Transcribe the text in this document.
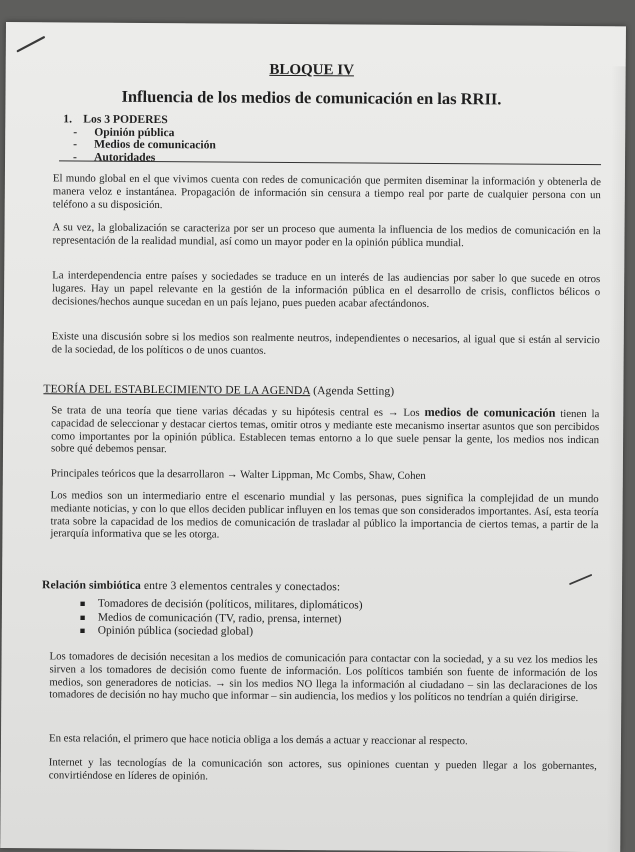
BLOQUE IV
Influencia de los medios de comunicación en las RRII.
1. Los 3 PODERES
-	Opinión pública
-	Medios de comunicación
-	Autoridades

El mundo global en el que vivimos cuenta con redes de comunicación que permiten diseminar la información y obtenerla de manera veloz e instantánea. Propagación de información sin censura a tiempo real por parte de cualquier persona con un teléfono a su disposición.

A su vez, la globalización se caracteriza por ser un proceso que aumenta la influencia de los medios de comunicación en la representación de la realidad mundial, así como un mayor poder en la opinión pública mundial.

La interdependencia entre países y sociedades se traduce en un interés de las audiencias por saber lo que sucede en otros lugares. Hay un papel relevante en la gestión de la información pública en el desarrollo de crisis, conflictos bélicos o decisiones/hechos aunque sucedan en un país lejano, pues pueden acabar afectándonos.

Existe una discusión sobre si los medios son realmente neutros, independientes o necesarios, al igual que si están al servicio de la sociedad, de los políticos o de unos cuantos.

TEORÍA DEL ESTABLECIMIENTO DE LA AGENDA (Agenda Setting)

Se trata de una teoría que tiene varias décadas y su hipótesis central es → Los medios de comunicación tienen la capacidad de seleccionar y destacar ciertos temas, omitir otros y mediante este mecanismo insertar asuntos que son percibidos como importantes por la opinión pública. Establecen temas entorno a lo que suele pensar la gente, los medios nos indican sobre qué debemos pensar.

Principales teóricos que la desarrollaron → Walter Lippman, Mc Combs, Shaw, Cohen

Los medios son un intermediario entre el escenario mundial y las personas, pues significa la complejidad de un mundo mediante noticias, y con lo que ellos deciden publicar influyen en los temas que son considerados importantes. Así, esta teoría trata sobre la capacidad de los medios de comunicación de trasladar al público la importancia de ciertos temas, a partir de la jerarquía informativa que se les otorga.

Relación simbiótica entre 3 elementos centrales y conectados:
■	Tomadores de decisión (políticos, militares, diplomáticos)
■	Medios de comunicación (TV, radio, prensa, internet)
■	Opinión pública (sociedad global)

Los tomadores de decisión necesitan a los medios de comunicación para contactar con la sociedad, y a su vez los medios les sirven a los tomadores de decisión como fuente de información. Los políticos también son fuente de información de los medios, son generadores de noticias. → sin los medios NO llega la información al ciudadano – sin las declaraciones de los tomadores de decisión no hay mucho que informar – sin audiencia, los medios y los políticos no tendrían a quién dirigirse.

En esta relación, el primero que hace noticia obliga a los demás a actuar y reaccionar al respecto.

Internet y las tecnologías de la comunicación son actores, sus opiniones cuentan y pueden llegar a los gobernantes, convirtiéndose en líderes de opinión.
